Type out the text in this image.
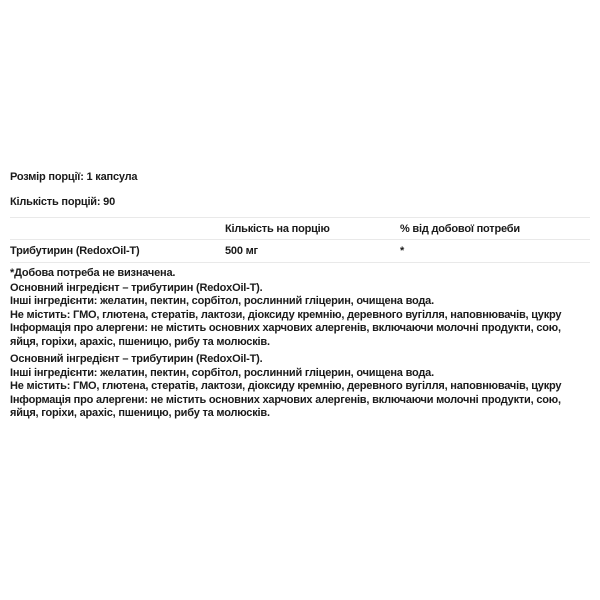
Розмір порції: 1 капсула
Кількість порцій: 90
	Кількість на порцію	% від добової потреби
Трибутирин (RedoxOil-T)	500 мг	*
*Добова потреба не визначена.
Основний інгредієнт – трибутирин (RedoxOil-T).
Інші інгредієнти: желатин, пектин, сорбітол, рослинний гліцерин, очищена вода.
Не містить: ГМО, глютена, стератів, лактози, діоксиду кремнію, деревного вугілля, наповнювачів, цукру
Інформація про алергени: не містить основних харчових алергенів, включаючи молочні продукти, сою, яйця, горіхи, арахіс, пшеницю, рибу та молюсків.
Основний інгредієнт – трибутирин (RedoxOil-T).
Інші інгредієнти: желатин, пектин, сорбітол, рослинний гліцерин, очищена вода.
Не містить: ГМО, глютена, стератів, лактози, діоксиду кремнію, деревного вугілля, наповнювачів, цукру
Інформація про алергени: не містить основних харчових алергенів, включаючи молочні продукти, сою, яйця, горіхи, арахіс, пшеницю, рибу та молюсків.
